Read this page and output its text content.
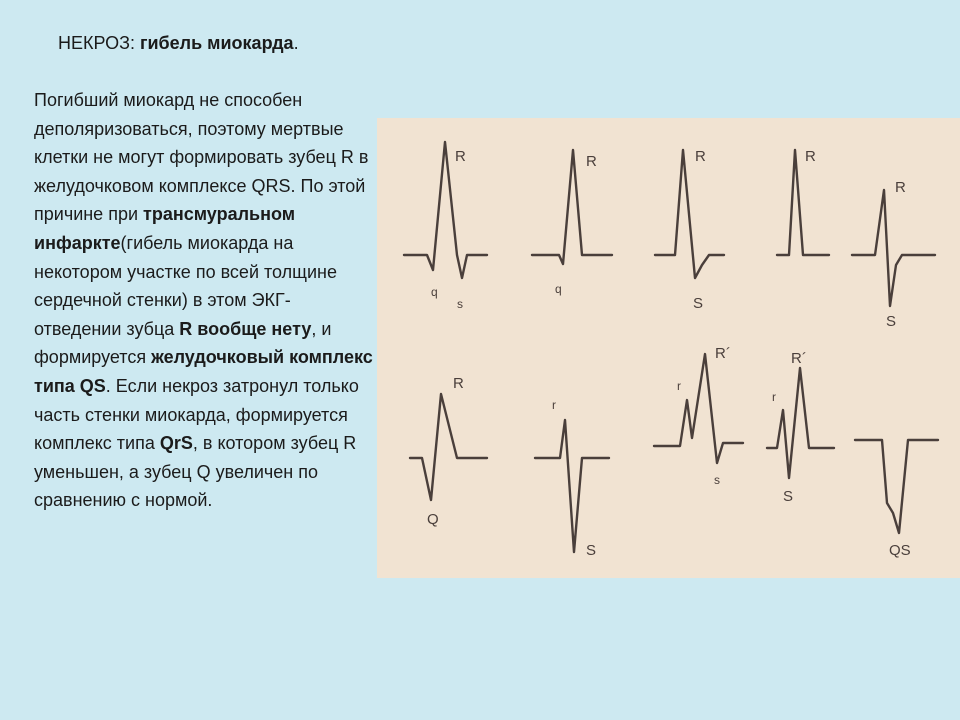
НЕКРОЗ: гибель миокарда.
Погибший миокард не способен деполяризоваться, поэтому мертвые клетки не могут формировать зубец R в желудочковом комплексе QRS. По этой причине при трансмуральном инфаркте(гибель миокарда на некотором участке по всей толщине сердечной стенки) в этом ЭКГ-отведении зубца R вообще нету, и формируется желудочковый комплекс типа QS. Если некроз затронул только часть стенки миокарда, формируется комплекс типа QrS, в котором зубец R уменьшен, а зубец Q увеличен по сравнению с нормой.
R
q
s
R
q
R
S
R
R
S
R
Q
r
S
R´
r
s
R´
r
S
QS
